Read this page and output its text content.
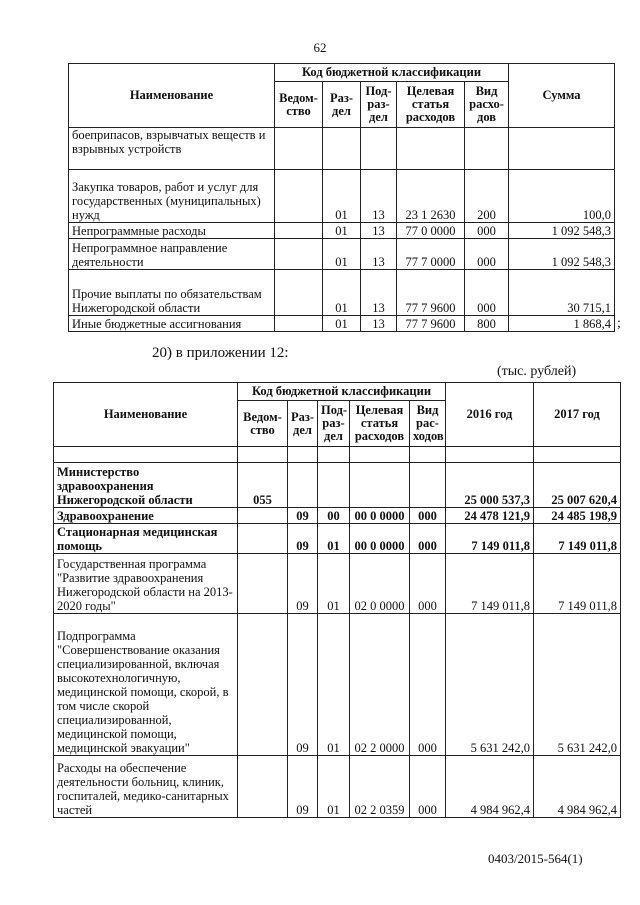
62
Наименование	Код бюджетной классификации					Сумма
	Ведом-ство	Раз-дел	Под-раз-дел	Целевая статья расходов	Вид расхо-дов	
боеприпасов, взрывчатых веществ и взрывных устройств						
Закупка товаров, работ и услуг для государственных (муниципальных) нужд		01	13	23 1 2630	200	100,0
Непрограммные расходы		01	13	77 0 0000	000	1 092 548,3
Непрограммное направление деятельности		01	13	77 7 0000	000	1 092 548,3
Прочие выплаты по обязательствам Нижегородской области		01	13	77 7 9600	000	30 715,1
Иные бюджетные ассигнования		01	13	77 7 9600	800	1 868,4 ;
20) в приложении 12:
(тыс. рублей)
Наименование	Код бюджетной классификации					2016 год	2017 год
	Ведом-ство	Раз-дел	Под-раз-дел	Целевая статья расходов	Вид рас-ходов		

Министерство здравоохранения Нижегородской области	055					25 000 537,3	25 007 620,4
Здравоохранение		09	00	00 0 0000	000	24 478 121,9	24 485 198,9
Стационарная медицинская помощь		09	01	00 0 0000	000	7 149 011,8	7 149 011,8
Государственная программа "Развитие здравоохранения Нижегородской области на 2013-2020 годы"		09	01	02 0 0000	000	7 149 011,8	7 149 011,8
Подпрограмма "Совершенствование оказания специализированной, включая высокотехнологичную, медицинской помощи, скорой, в том числе скорой специализированной, медицинской помощи, медицинской эвакуации"		09	01	02 2 0000	000	5 631 242,0	5 631 242,0
Расходы на обеспечение деятельности больниц, клиник, госпиталей, медико-санитарных частей		09	01	02 2 0359	000	4 984 962,4	4 984 962,4
0403/2015-564(1)
